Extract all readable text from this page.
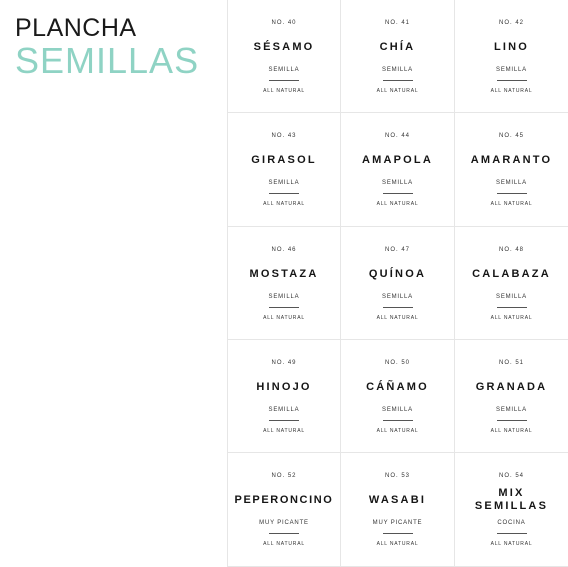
PLANCHA
SEMILLAS
NO. 40
SÉSAMO
SEMILLA
ALL NATURAL
NO. 41
CHÍA
SEMILLA
ALL NATURAL
NO. 42
LINO
SEMILLA
ALL NATURAL
NO. 43
GIRASOL
SEMILLA
ALL NATURAL
NO. 44
AMAPOLA
SEMILLA
ALL NATURAL
NO. 45
AMARANTO
SEMILLA
ALL NATURAL
NO. 46
MOSTAZA
SEMILLA
ALL NATURAL
NO. 47
QUÍNOA
SEMILLA
ALL NATURAL
NO. 48
CALABAZA
SEMILLA
ALL NATURAL
NO. 49
HINOJO
SEMILLA
ALL NATURAL
NO. 50
CÁÑAMO
SEMILLA
ALL NATURAL
NO. 51
GRANADA
SEMILLA
ALL NATURAL
NO. 52
PEPERONCINO
MUY PICANTE
ALL NATURAL
NO. 53
WASABI
MUY PICANTE
ALL NATURAL
NO. 54
MIX
SEMILLAS
COCINA
ALL NATURAL
